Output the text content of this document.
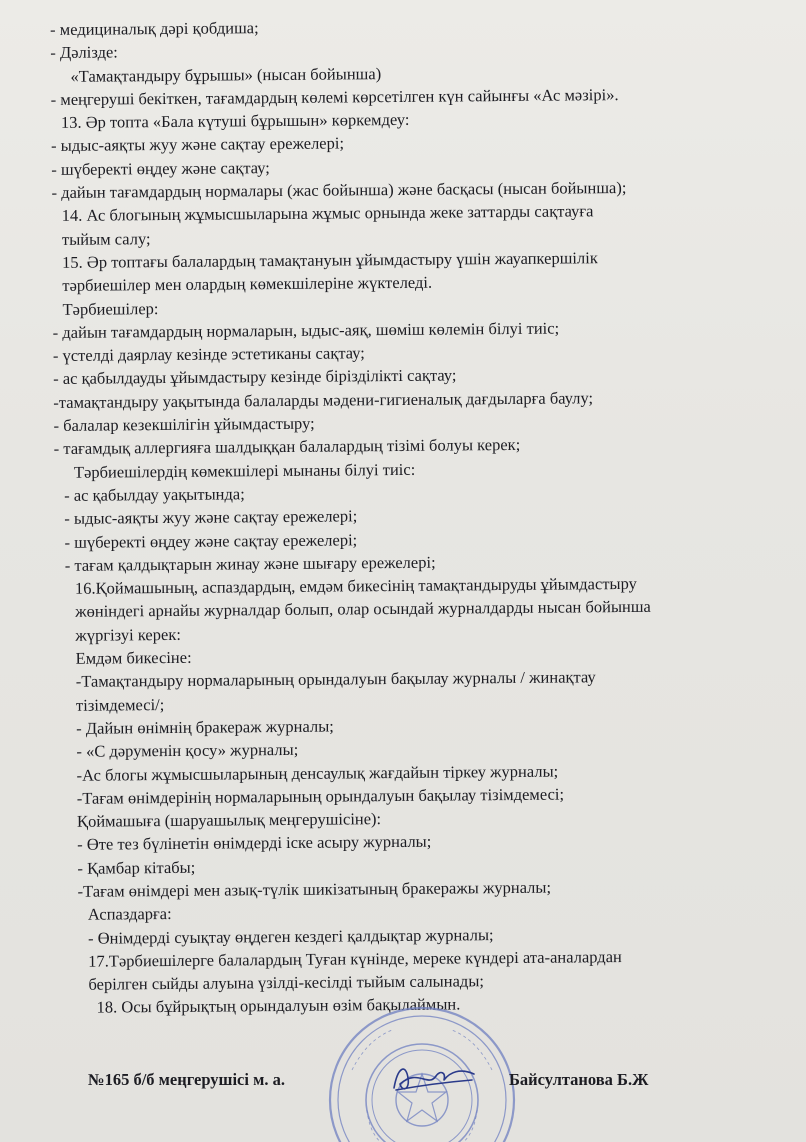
- медициналық дәрі қобдиша;
- Дәлізде:
«Тамақтандыру бұрышы» (нысан бойынша)
- меңгеруші бекіткен, тағамдардың көлемі көрсетілген күн сайынғы «Ас мәзірі».
13. Әр топта «Бала күтуші бұрышын» көркемдеу:
- ыдыс-аяқты жуу және сақтау ережелері;
- шүберекті өңдеу және сақтау;
- дайын тағамдардың нормалары (жас бойынша) және басқасы (нысан бойынша);
14. Ас блогының жұмысшыларына жұмыс орнында жеке заттарды сақтауға
тыйым салу;
15. Әр топтағы балалардың тамақтануын ұйымдастыру үшін жауапкершілік
тәрбиешілер мен олардың көмекшілеріне жүктеледі.
Тәрбиешілер:
- дайын тағамдардың нормаларын, ыдыс-аяқ, шөміш көлемін білуі тиіс;
- үстелді даярлау кезінде эстетиканы сақтау;
- ас қабылдауды ұйымдастыру кезінде бірізділікті сақтау;
-тамақтандыру уақытында балаларды мәдени-гигиеналық дағдыларға баулу;
- балалар кезекшілігін ұйымдастыру;
- тағамдық аллергияға шалдыққан балалардың тізімі болуы керек;
Тәрбиешілердің көмекшілері мынаны білуі тиіс:
- ас қабылдау уақытында;
- ыдыс-аяқты жуу және сақтау ережелері;
- шүберекті өңдеу және сақтау ережелері;
- тағам қалдықтарын жинау және шығару ережелері;
16.Қоймашының, аспаздардың, емдәм бикесінің тамақтандыруды ұйымдастыру
жөніндегі арнайы журналдар болып, олар осындай журналдарды нысан бойынша
жүргізуі керек:
Емдәм бикесіне:
-Тамақтандыру нормаларының орындалуын бақылау журналы / жинақтау
тізімдемесі/;
- Дайын өнімнің бракераж журналы;
- «С дәруменін қосу» журналы;
-Ас блогы жұмысшыларының денсаулық жағдайын тіркеу журналы;
-Тағам өнімдерінің нормаларының орындалуын бақылау тізімдемесі;
Қоймашыға (шаруашылық меңгерушісіне):
- Өте тез бүлінетін өнімдерді іске асыру журналы;
- Қамбар кітабы;
-Тағам өнімдері мен азық-түлік шикізатының бракеражы журналы;
Аспаздарға:
- Өнімдерді суықтау өңдеген кездегі қалдықтар журналы;
17.Тәрбиешілерге балалардың Туған күнінде, мереке күндері ата-аналардан
берілген сыйды алуына үзілді-кесілді тыйым салынады;
18. Осы бұйрықтың орындалуын өзім бақылаймын.
№165 б/б меңгерушісі м. а.	Байсултанова Б.Ж
